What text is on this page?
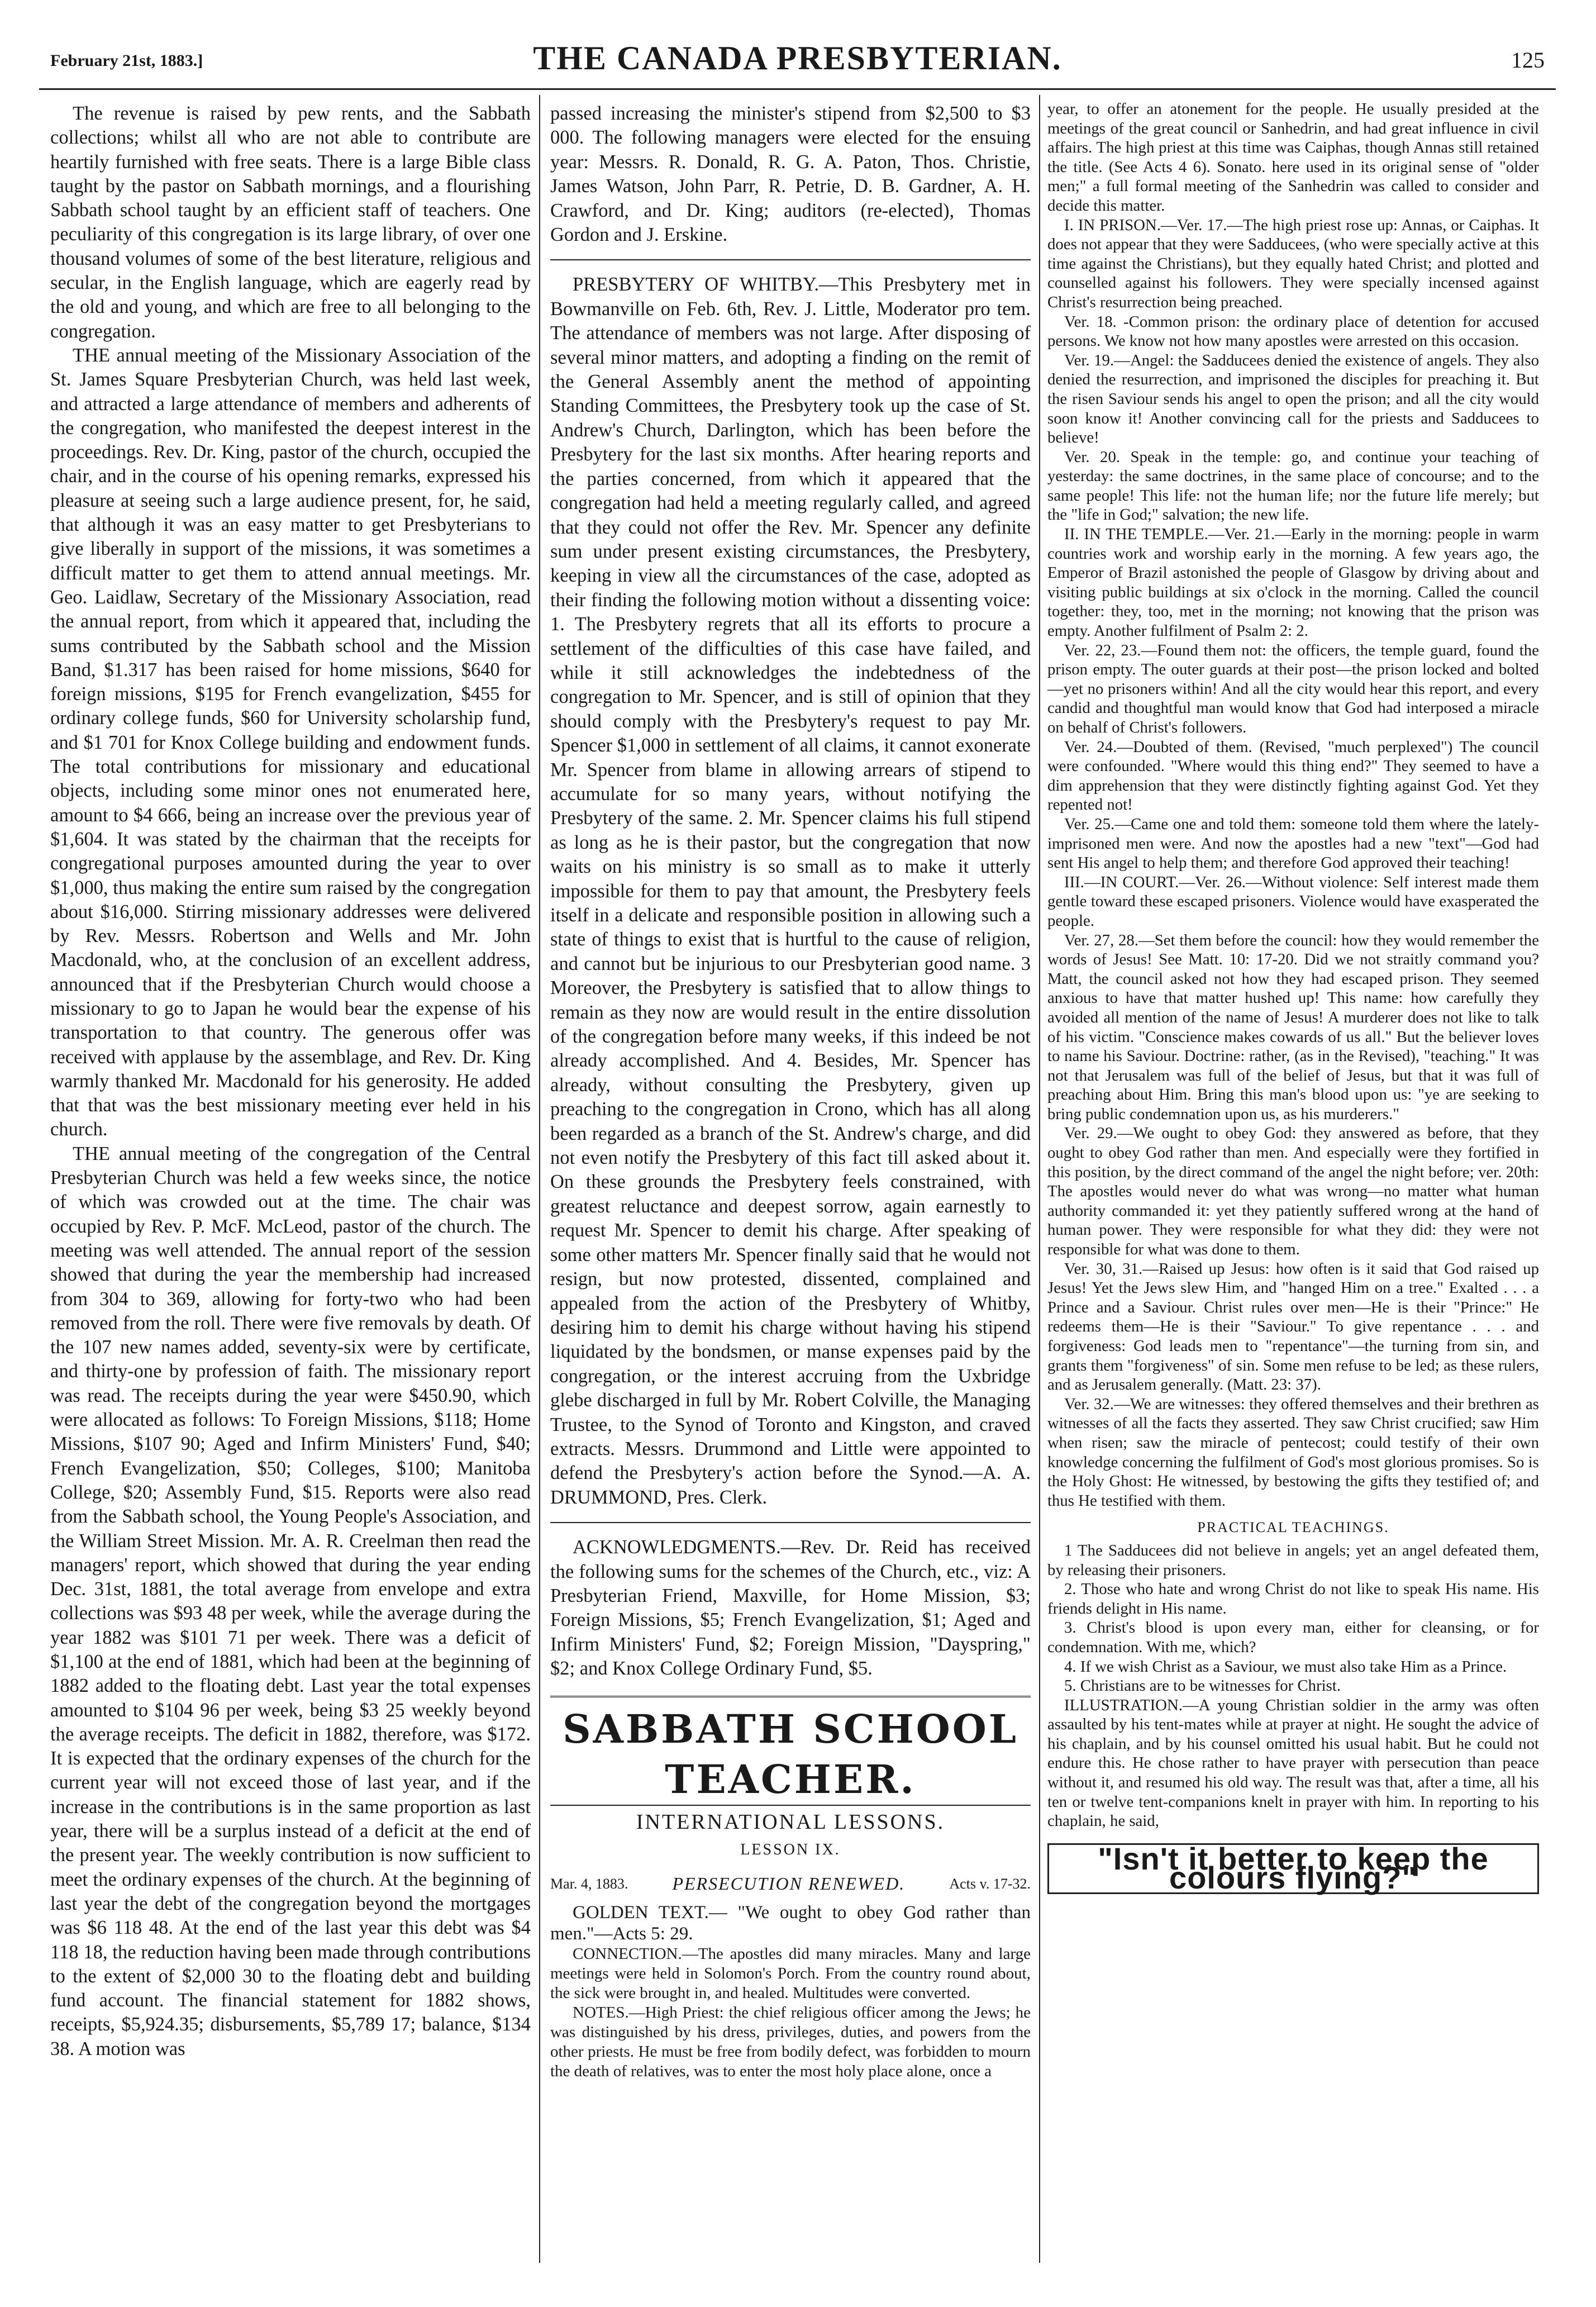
February 21st, 1883.]	THE CANADA PRESBYTERIAN.	125

The revenue is raised by pew rents, and the Sabbath collections; whilst all who are not able to contribute are heartily furnished with free seats. There is a large Bible class taught by the pastor on Sabbath mornings, and a flourishing Sabbath school taught by an efficient staff of teachers. One peculiarity of this congregation is its large library, of over one thousand volumes of some of the best literature, religious and secular, in the English language, which are eagerly read by the old and young, and which are free to all belonging to the congregation.

THE annual meeting of the Missionary Association of the St. James Square Presbyterian Church, was held last week, and attracted a large attendance of members and adherents of the congregation, who manifested the deepest interest in the proceedings. Rev. Dr. King, pastor of the church, occupied the chair, and in the course of his opening remarks, expressed his pleasure at seeing such a large audience present, for, he said, that although it was an easy matter to get Presbyterians to give liberally in support of the missions, it was sometimes a difficult matter to get them to attend annual meetings. Mr. Geo. Laidlaw, Secretary of the Missionary Association, read the annual report, from which it appeared that, including the sums contributed by the Sabbath school and the Mission Band, $1.317 has been raised for home missions, $640 for foreign missions, $195 for French evangelization, $455 for ordinary college funds, $60 for University scholarship fund, and $1 701 for Knox College building and endowment funds. The total contributions for missionary and educational objects, including some minor ones not enumerated here, amount to $4 666, being an increase over the previous year of $1,604. It was stated by the chairman that the receipts for congregational purposes amounted during the year to over $1,000, thus making the entire sum raised by the congregation about $16,000. Stirring missionary addresses were delivered by Rev. Messrs. Robertson and Wells and Mr. John Macdonald, who, at the conclusion of an excellent address, announced that if the Presbyterian Church would choose a missionary to go to Japan he would bear the expense of his transportation to that country. The generous offer was received with applause by the assemblage, and Rev. Dr. King warmly thanked Mr. Macdonald for his generosity. He added that that was the best missionary meeting ever held in his church.

THE annual meeting of the congregation of the Central Presbyterian Church was held a few weeks since, the notice of which was crowded out at the time. The chair was occupied by Rev. P. McF. McLeod, pastor of the church. The meeting was well attended. The annual report of the session showed that during the year the membership had increased from 304 to 369, allowing for forty-two who had been removed from the roll. There were five removals by death. Of the 107 new names added, seventy-six were by certificate, and thirty-one by profession of faith. The missionary report was read. The receipts during the year were $450.90, which were allocated as follows: To Foreign Missions, $118; Home Missions, $107 90; Aged and Infirm Ministers' Fund, $40; French Evangelization, $50; Colleges, $100; Manitoba College, $20; Assembly Fund, $15. Reports were also read from the Sabbath school, the Young People's Association, and the William Street Mission. Mr. A. R. Creelman then read the managers' report, which showed that during the year ending Dec. 31st, 1881, the total average from envelope and extra collections was $93 48 per week, while the average during the year 1882 was $101 71 per week. There was a deficit of $1,100 at the end of 1881, which had been at the beginning of 1882 added to the floating debt. Last year the total expenses amounted to $104 96 per week, being $3 25 weekly beyond the average receipts. The deficit in 1882, therefore, was $172. It is expected that the ordinary expenses of the church for the current year will not exceed those of last year, and if the increase in the contributions is in the same proportion as last year, there will be a surplus instead of a deficit at the end of the present year. The weekly contribution is now sufficient to meet the ordinary expenses of the church. At the beginning of last year the debt of the congregation beyond the mortgages was $6 118 48. At the end of the last year this debt was $4 118 18, the reduction having been made through contributions to the extent of $2,000 30 to the floating debt and building fund account. The financial statement for 1882 shows, receipts, $5,924.35; disbursements, $5,789 17; balance, $134 38. A motion was

passed increasing the minister's stipend from $2,500 to $3 000. The following managers were elected for the ensuing year: Messrs. R. Donald, R. G. A. Paton, Thos. Christie, James Watson, John Parr, R. Petrie, D. B. Gardner, A. H. Crawford, and Dr. King; auditors (re-elected), Thomas Gordon and J. Erskine.

PRESBYTERY OF WHITBY.—This Presbytery met in Bowmanville on Feb. 6th, Rev. J. Little, Moderator pro tem. The attendance of members was not large. After disposing of several minor matters, and adopting a finding on the remit of the General Assembly anent the method of appointing Standing Committees, the Presbytery took up the case of St. Andrew's Church, Darlington, which has been before the Presbytery for the last six months. After hearing reports and the parties concerned, from which it appeared that the congregation had held a meeting regularly called, and agreed that they could not offer the Rev. Mr. Spencer any definite sum under present existing circumstances, the Presbytery, keeping in view all the circumstances of the case, adopted as their finding the following motion without a dissenting voice: 1. The Presbytery regrets that all its efforts to procure a settlement of the difficulties of this case have failed, and while it still acknowledges the indebtedness of the congregation to Mr. Spencer, and is still of opinion that they should comply with the Presbytery's request to pay Mr. Spencer $1,000 in settlement of all claims, it cannot exonerate Mr. Spencer from blame in allowing arrears of stipend to accumulate for so many years, without notifying the Presbytery of the same. 2. Mr. Spencer claims his full stipend as long as he is their pastor, but the congregation that now waits on his ministry is so small as to make it utterly impossible for them to pay that amount, the Presbytery feels itself in a delicate and responsible position in allowing such a state of things to exist that is hurtful to the cause of religion, and cannot but be injurious to our Presbyterian good name. 3 Moreover, the Presbytery is satisfied that to allow things to remain as they now are would result in the entire dissolution of the congregation before many weeks, if this indeed be not already accomplished. And 4. Besides, Mr. Spencer has already, without consulting the Presbytery, given up preaching to the congregation in Crono, which has all along been regarded as a branch of the St. Andrew's charge, and did not even notify the Presbytery of this fact till asked about it. On these grounds the Presbytery feels constrained, with greatest reluctance and deepest sorrow, again earnestly to request Mr. Spencer to demit his charge. After speaking of some other matters Mr. Spencer finally said that he would not resign, but now protested, dissented, complained and appealed from the action of the Presbytery of Whitby, desiring him to demit his charge without having his stipend liquidated by the bondsmen, or manse expenses paid by the congregation, or the interest accruing from the Uxbridge glebe discharged in full by Mr. Robert Colville, the Managing Trustee, to the Synod of Toronto and Kingston, and craved extracts. Messrs. Drummond and Little were appointed to defend the Presbytery's action before the Synod.—A. A. DRUMMOND, Pres. Clerk.

ACKNOWLEDGMENTS.—Rev. Dr. Reid has received the following sums for the schemes of the Church, etc., viz: A Presbyterian Friend, Maxville, for Home Mission, $3; Foreign Missions, $5; French Evangelization, $1; Aged and Infirm Ministers' Fund, $2; Foreign Mission, "Dayspring," $2; and Knox College Ordinary Fund, $5.

SABBATH SCHOOL TEACHER.
INTERNATIONAL LESSONS.
LESSON IX.
Mar. 4, 1883. PERSECUTION RENEWED.	Acts v. 17-32.

GOLDEN TEXT.— "We ought to obey God rather than men."—Acts 5: 29.

CONNECTION.—The apostles did many miracles. Many and large meetings were held in Solomon's Porch. From the country round about, the sick were brought in, and healed. Multitudes were converted.

NOTES.—High Priest: the chief religious officer among the Jews; he was distinguished by his dress, privileges, duties, and powers from the other priests. He must be free from bodily defect, was forbidden to mourn the death of relatives, was to enter the most holy place alone, once a

year, to offer an atonement for the people. He usually presided at the meetings of the great council or Sanhedrin, and had great influence in civil affairs. The high priest at this time was Caiphas, though Annas still retained the title. (See Acts 4 6). Sonato. here used in its original sense of "older men;" a full formal meeting of the Sanhedrin was called to consider and decide this matter.

I. IN PRISON.—Ver. 17.—The high priest rose up: Annas, or Caiphas. It does not appear that they were Sadducees, (who were specially active at this time against the Christians), but they equally hated Christ; and plotted and counselled against his followers. They were specially incensed against Christ's resurrection being preached.

Ver. 18. -Common prison: the ordinary place of detention for accused persons. We know not how many apostles were arrested on this occasion.

Ver. 19.—Angel: the Sadducees denied the existence of angels. They also denied the resurrection, and imprisoned the disciples for preaching it. But the risen Saviour sends his angel to open the prison; and all the city would soon know it! Another convincing call for the priests and Sadducees to believe!

Ver. 20. Speak in the temple: go, and continue your teaching of yesterday: the same doctrines, in the same place of concourse; and to the same people! This life: not the human life; nor the future life merely; but the "life in God;" salvation; the new life.

II. IN THE TEMPLE.—Ver. 21.—Early in the morning: people in warm countries work and worship early in the morning. A few years ago, the Emperor of Brazil astonished the people of Glasgow by driving about and visiting public buildings at six o'clock in the morning. Called the council together: they, too, met in the morning; not knowing that the prison was empty. Another fulfilment of Psalm 2: 2.

Ver. 22, 23.—Found them not: the officers, the temple guard, found the prison empty. The outer guards at their post—the prison locked and bolted—yet no prisoners within! And all the city would hear this report, and every candid and thoughtful man would know that God had interposed a miracle on behalf of Christ's followers.

Ver. 24.—Doubted of them. (Revised, "much perplexed") The council were confounded. "Where would this thing end?" They seemed to have a dim apprehension that they were distinctly fighting against God. Yet they repented not!

Ver. 25.—Came one and told them: someone told them where the lately-imprisoned men were. And now the apostles had a new "text"—God had sent His angel to help them; and therefore God approved their teaching!

III.—IN COURT.—Ver. 26.—Without violence: Self interest made them gentle toward these escaped prisoners. Violence would have exasperated the people.

Ver. 27, 28.—Set them before the council: how they would remember the words of Jesus! See Matt. 10: 17-20. Did we not straitly command you? Matt, the council asked not how they had escaped prison. They seemed anxious to have that matter hushed up! This name: how carefully they avoided all mention of the name of Jesus! A murderer does not like to talk of his victim. "Conscience makes cowards of us all." But the believer loves to name his Saviour. Doctrine: rather, (as in the Revised), "teaching." It was not that Jerusalem was full of the belief of Jesus, but that it was full of preaching about Him. Bring this man's blood upon us: "ye are seeking to bring public condemnation upon us, as his murderers."

Ver. 29.—We ought to obey God: they answered as before, that they ought to obey God rather than men. And especially were they fortified in this position, by the direct command of the angel the night before; ver. 20th: The apostles would never do what was wrong—no matter what human authority commanded it: yet they patiently suffered wrong at the hand of human power. They were responsible for what they did: they were not responsible for what was done to them.

Ver. 30, 31.—Raised up Jesus: how often is it said that God raised up Jesus! Yet the Jews slew Him, and "hanged Him on a tree." Exalted . . . a Prince and a Saviour. Christ rules over men—He is their "Prince:" He redeems them—He is their "Saviour." To give repentance . . . and forgiveness: God leads men to "repentance"—the turning from sin, and grants them "forgiveness" of sin. Some men refuse to be led; as these rulers, and as Jerusalem generally. (Matt. 23: 37).

Ver. 32.—We are witnesses: they offered themselves and their brethren as witnesses of all the facts they asserted. They saw Christ crucified; saw Him when risen; saw the miracle of pentecost; could testify of their own knowledge concerning the fulfilment of God's most glorious promises. So is the Holy Ghost: He witnessed, by bestowing the gifts they testified of; and thus He testified with them.

PRACTICAL TEACHINGS.

1 The Sadducees did not believe in angels; yet an angel defeated them, by releasing their prisoners.

2. Those who hate and wrong Christ do not like to speak His name. His friends delight in His name.

3. Christ's blood is upon every man, either for cleansing, or for condemnation. With me, which?

4. If we wish Christ as a Saviour, we must also take Him as a Prince.

5. Christians are to be witnesses for Christ.

ILLUSTRATION.—A young Christian soldier in the army was often assaulted by his tent-mates while at prayer at night. He sought the advice of his chaplain, and by his counsel omitted his usual habit. But he could not endure this. He chose rather to have prayer with persecution than peace without it, and resumed his old way. The result was that, after a time, all his ten or twelve tent-companions knelt in prayer with him. In reporting to his chaplain, he said,

"Isn't it better to keep the colours flying?"
